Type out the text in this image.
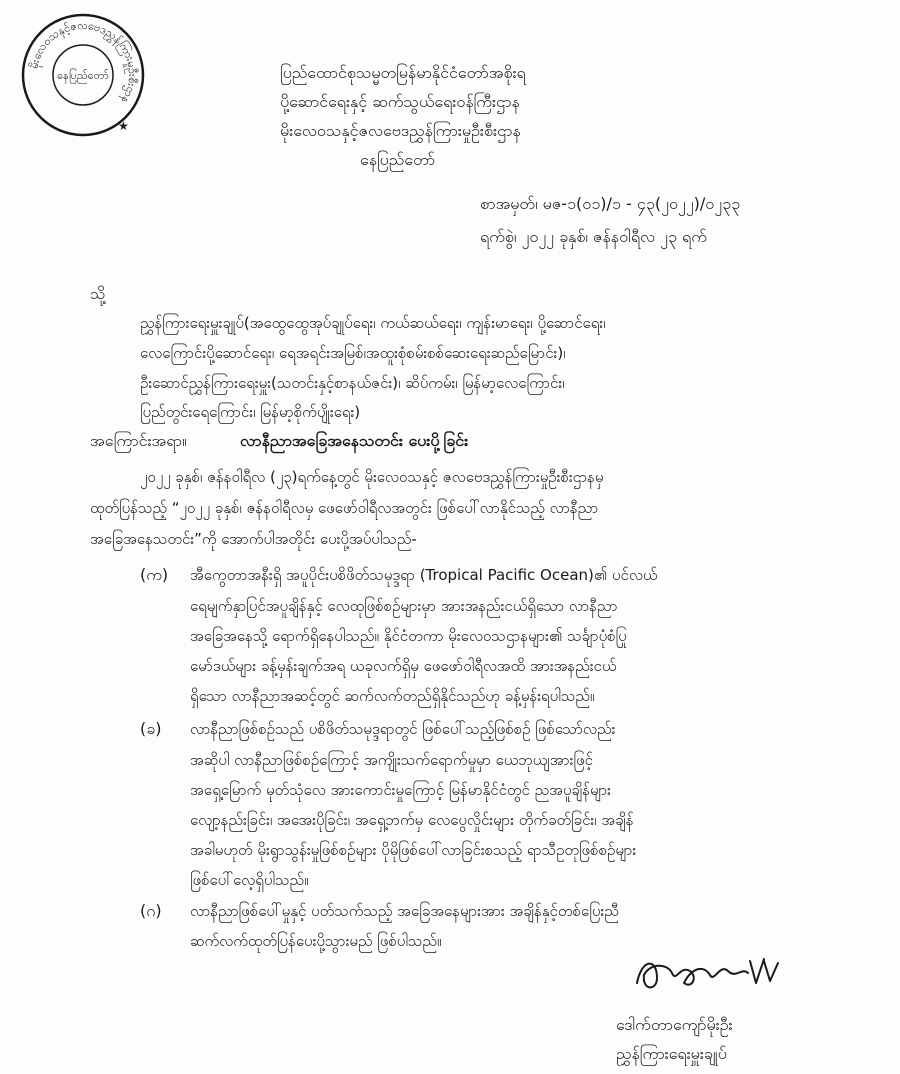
မိုးလေဝသနှင့်ဇလဗေဒညွှန်ကြားမှုဦးစီးဌာန
နေပြည်တော်
★
ပြည်ထောင်စုသမ္မတမြန်မာနိုင်ငံတော်အစိုးရ
ပို့ဆောင်ရေးနှင့် ဆက်သွယ်ရေးဝန်ကြီးဌာန
မိုးလေဝသနှင့်ဇလဗေဒညွှန်ကြားမှုဦးစီးဌာန
နေပြည်တော်
စာအမှတ်၊ မဇ-၁(၀၁)/၁ - ၄၃(၂၀၂၂)/၀၂၃၃
ရက်စွဲ၊ ၂၀၂၂ ခုနှစ်၊ ဇန်နဝါရီလ ၂၃ ရက်
သို့
ညွှန်ကြားရေးမှူးချုပ်(အထွေထွေအုပ်ချုပ်ရေး၊ ကယ်ဆယ်ရေး၊ ကျန်းမာရေး၊ ပို့ဆောင်ရေး၊
လေကြောင်းပို့ဆောင်ရေး၊ ရေအရင်းအမြစ်၊အထူးစုံစမ်းစစ်ဆေးရေးဆည်မြောင်း)၊
ဦးဆောင်ညွှန်ကြားရေးမှူး(သတင်းနှင့်စာနယ်ဇင်း)၊ ဆိပ်ကမ်း၊ မြန်မာ့လေကြောင်း၊
ပြည်တွင်းရေကြောင်း၊ မြန်မာ့စိုက်ပျိုးရေး)
အကြောင်းအရာ။	လာနီညာအခြေအနေသတင်း ပေးပို့ခြင်း
၂၀၂၂ ခုနှစ်၊ ဇန်နဝါရီလ (၂၃)ရက်နေ့တွင် မိုးလေဝသနှင့် ဇလဗေဒညွှန်ကြားမှုဦးစီးဌာနမှ
ထုတ်ပြန်သည့် “၂၀၂၂ ခုနှစ်၊ ဇန်နဝါရီလမှ ဖေဖော်ဝါရီလအတွင်း ဖြစ်ပေါ်လာနိုင်သည့် လာနီညာ
အခြေအနေသတင်း”ကို အောက်ပါအတိုင်း ပေးပို့အပ်ပါသည်-
(က) အီကွေတာအနီးရှိ အပူပိုင်းပစိဖိတ်သမုဒ္ဒရာ (Tropical Pacific Ocean)၏ ပင်လယ်
ရေမျက်နှာပြင်အပူချိန်နှင့် လေထုဖြစ်စဉ်များမှာ အားအနည်းငယ်ရှိသော လာနီညာ
အခြေအနေသို့ ရောက်ရှိနေပါသည်။ နိုင်ငံတကာ မိုးလေဝသဌာနများ၏ သင်္ချာပုံစံပြု
မော်ဒယ်များ ခန့်မှန်းချက်အရ ယခုလက်ရှိမှ ဖေဖော်ဝါရီလအထိ အားအနည်းငယ်
ရှိသော လာနီညာအဆင့်တွင် ဆက်လက်တည်ရှိနိုင်သည်ဟု ခန့်မှန်းရပါသည်။
(ခ) လာနီညာဖြစ်စဉ်သည် ပစိဖိတ်သမုဒ္ဒရာတွင် ဖြစ်ပေါ်သည့်ဖြစ်စဉ် ဖြစ်သော်လည်း
အဆိုပါ လာနီညာဖြစ်စဉ်ကြောင့် အကျိုးသက်ရောက်မှုမှာ ယေဘုယျအားဖြင့်
အရှေ့မြောက် မုတ်သုံလေ အားကောင်းမှုကြောင့် မြန်မာနိုင်ငံတွင် ညအပူချိန်များ
လျော့နည်းခြင်း၊ အအေးပိုခြင်း၊ အရှေ့ဘက်မှ လေပွေလှိုင်းများ တိုက်ခတ်ခြင်း၊ အချိန်
အခါမဟုတ် မိုးရွာသွန်းမှုဖြစ်စဉ်များ ပိုမိုဖြစ်ပေါ်လာခြင်းစသည့် ရာသီဥတုဖြစ်စဉ်များ
ဖြစ်ပေါ်လေ့ရှိပါသည်။
(ဂ) လာနီညာဖြစ်ပေါ်မှုနှင့် ပတ်သက်သည့် အခြေအနေများအား အချိန်နှင့်တစ်ပြေးညီ
ဆက်လက်ထုတ်ပြန်ပေးပို့သွားမည် ဖြစ်ပါသည်။
ဒေါက်တာကျော်မိုးဦး
ညွှန်ကြားရေးမှူးချုပ်
